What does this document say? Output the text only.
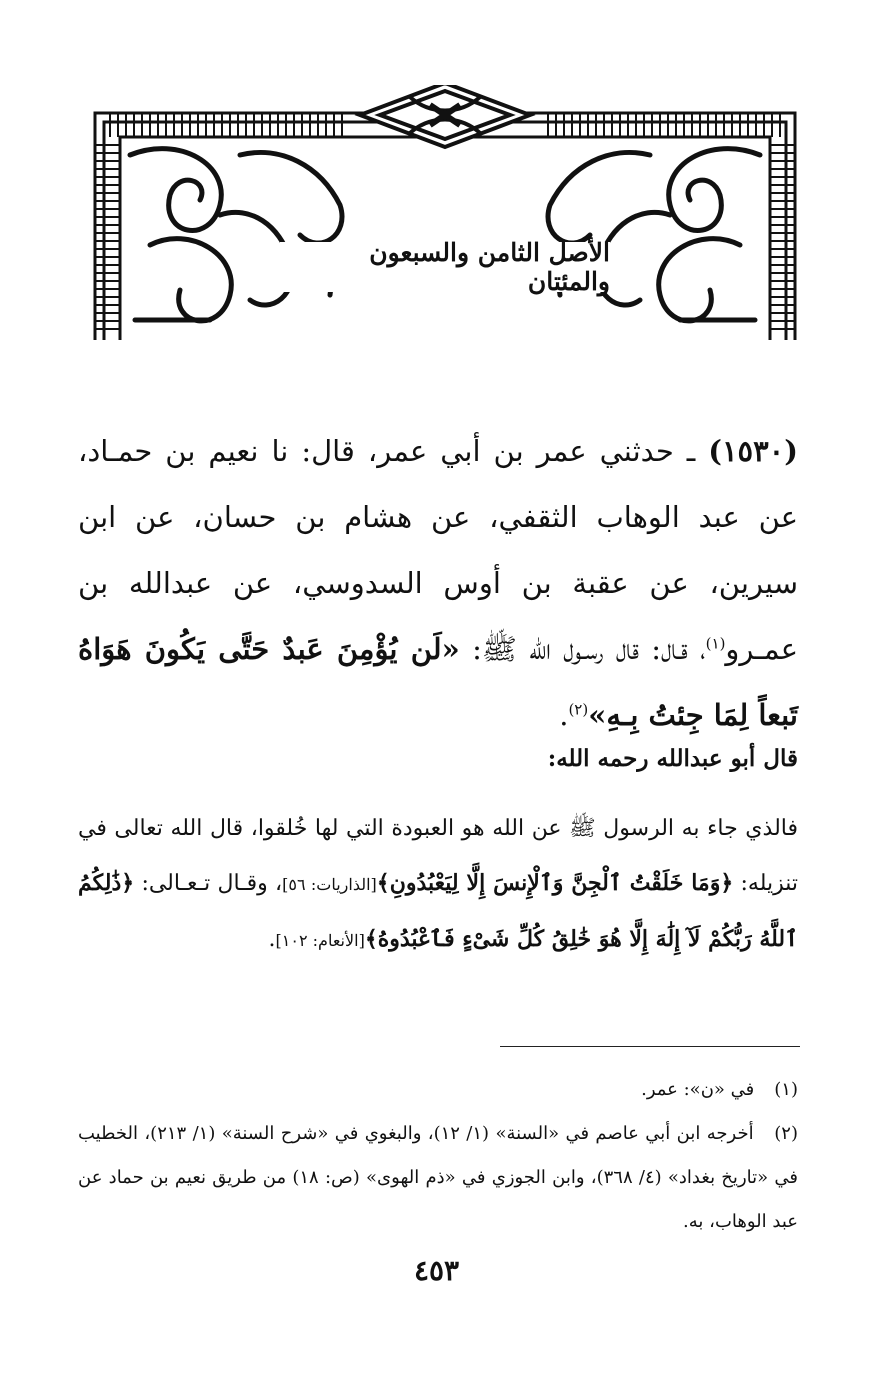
الأصل الثامن والسبعون والمئتان

(١٥٣٠) ـ حدثني عمر بن أبي عمر، قال: نا نعيم بن حمـاد، عن عبد الوهاب الثقفي، عن هشام بن حسان، عن ابن سيرين، عن عقبة بن أوس السدوسي، عن عبدالله بن عمـرو$^{(١)}$، قـال: قال رسـول الله ﷺ: «لَن يُؤْمِنَ عَبدٌ حَتَّى يَكُونَ هَوَاهُ تَبعاً لِمَا جِئتُ بِـهِ»$^{(٢)}$.

قال أبو عبدالله رحمه الله:

فالذي جاء به الرسول ﷺ عن الله هو العبودة التي لها خُلقوا، قال الله تعالى في تنزيله: ﴿وَمَا خَلَقْتُ ٱلْجِنَّ وَٱلْإِنسَ إِلَّا لِيَعْبُدُونِ﴾[الذاريات: ٥٦]، وقـال تـعـالى: ﴿ذَٰلِكُمُ ٱللَّهُ رَبُّكُمْ لَآ إِلَٰهَ إِلَّا هُوَ خَٰلِقُ كُلِّ شَىْءٍ فَٱعْبُدُوهُ﴾[الأنعام: ١٠٢].

(١) في «ن»: عمر.

(٢) أخرجه ابن أبي عاصم في «السنة» (١/ ١٢)، والبغوي في «شرح السنة» (١/ ٢١٣)، الخطيب في «تاريخ بغداد» (٤/ ٣٦٨)، وابن الجوزي في «ذم الهوى» (ص: ١٨) من طريق نعيم بن حماد عن عبد الوهاب، به.

٤٥٣
